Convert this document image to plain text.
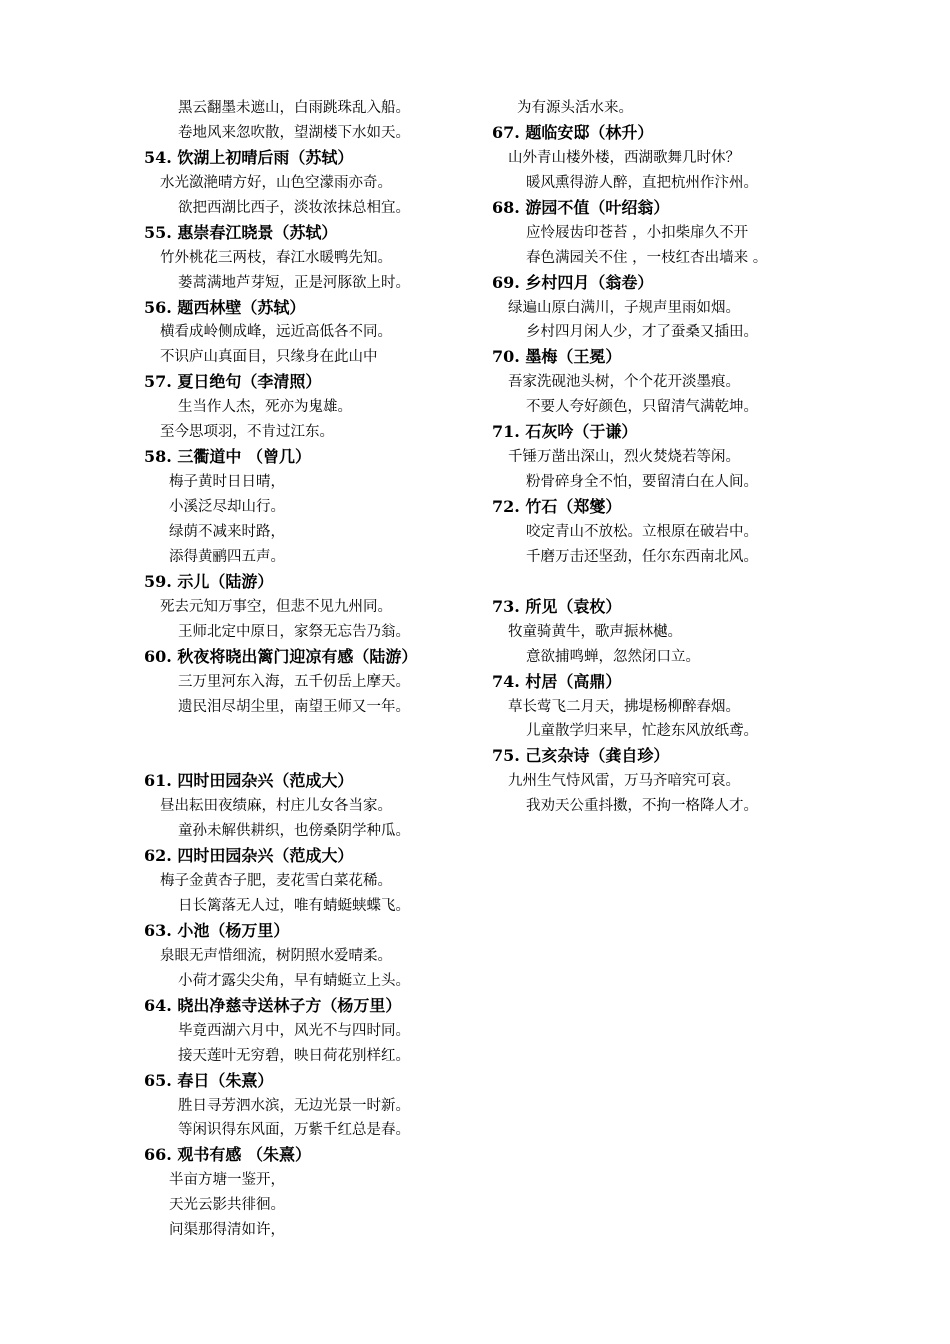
黑云翻墨未遮山，白雨跳珠乱入船。
卷地风来忽吹散，望湖楼下水如天。
54. 饮湖上初晴后雨（苏轼）
水光潋滟晴方好，山色空濛雨亦奇。
欲把西湖比西子，淡妆浓抹总相宜。
55. 惠崇春江晓景（苏轼）
竹外桃花三两枝，春江水暖鸭先知。
蒌蒿满地芦芽短，正是河豚欲上时。
56. 题西林壁（苏轼）
横看成岭侧成峰，远近高低各不同。
不识庐山真面目，只缘身在此山中
57. 夏日绝句（李清照）
生当作人杰，死亦为鬼雄。
至今思项羽，不肯过江东。
58. 三衢道中 （曾几）
梅子黄时日日晴，
小溪泛尽却山行。
绿荫不减来时路，
添得黄鹂四五声。
59. 示儿（陆游）
死去元知万事空，但悲不见九州同。
王师北定中原日，家祭无忘告乃翁。
60. 秋夜将晓出篱门迎凉有感（陆游）
三万里河东入海，五千仞岳上摩天。
遗民泪尽胡尘里，南望王师又一年。
61. 四时田园杂兴（范成大）
昼出耘田夜绩麻，村庄儿女各当家。
童孙未解供耕织，也傍桑阴学种瓜。
62. 四时田园杂兴（范成大）
梅子金黄杏子肥，麦花雪白菜花稀。
日长篱落无人过，唯有蜻蜓蛱蝶飞。
63. 小池（杨万里）
泉眼无声惜细流，树阴照水爱晴柔。
小荷才露尖尖角，早有蜻蜓立上头。
64. 晓出净慈寺送林子方（杨万里）
毕竟西湖六月中，风光不与四时同。
接天莲叶无穷碧，映日荷花别样红。
65. 春日（朱熹）
胜日寻芳泗水滨，无边光景一时新。
等闲识得东风面，万紫千红总是春。
66. 观书有感 （朱熹）
半亩方塘一鉴开，
天光云影共徘徊。
问渠那得清如许，
为有源头活水来。
67. 题临安邸（林升）
山外青山楼外楼，西湖歌舞几时休？
暖风熏得游人醉，直把杭州作汴州。
68. 游园不值（叶绍翁）
应怜屐齿印苍苔 ，小扣柴扉久不开
春色满园关不住 ，一枝红杏出墙来 。
69. 乡村四月（翁卷）
绿遍山原白满川，子规声里雨如烟。
乡村四月闲人少，才了蚕桑又插田。
70. 墨梅（王冕）
吾家洗砚池头树，个个花开淡墨痕。
不要人夸好颜色，只留清气满乾坤。
71. 石灰吟（于谦）
千锤万凿出深山，烈火焚烧若等闲。
粉骨碎身全不怕，要留清白在人间。
72. 竹石（郑燮）
咬定青山不放松。立根原在破岩中。
千磨万击还坚劲，任尔东西南北风。
73. 所见（袁枚）
牧童骑黄牛，歌声振林樾。
意欲捕鸣蝉，忽然闭口立。
74. 村居（高鼎）
草长莺飞二月天，拂堤杨柳醉春烟。
儿童散学归来早，忙趁东风放纸鸢。
75. 己亥杂诗（龚自珍）
九州生气恃风雷，万马齐喑究可哀。
我劝天公重抖擞，不拘一格降人才。
